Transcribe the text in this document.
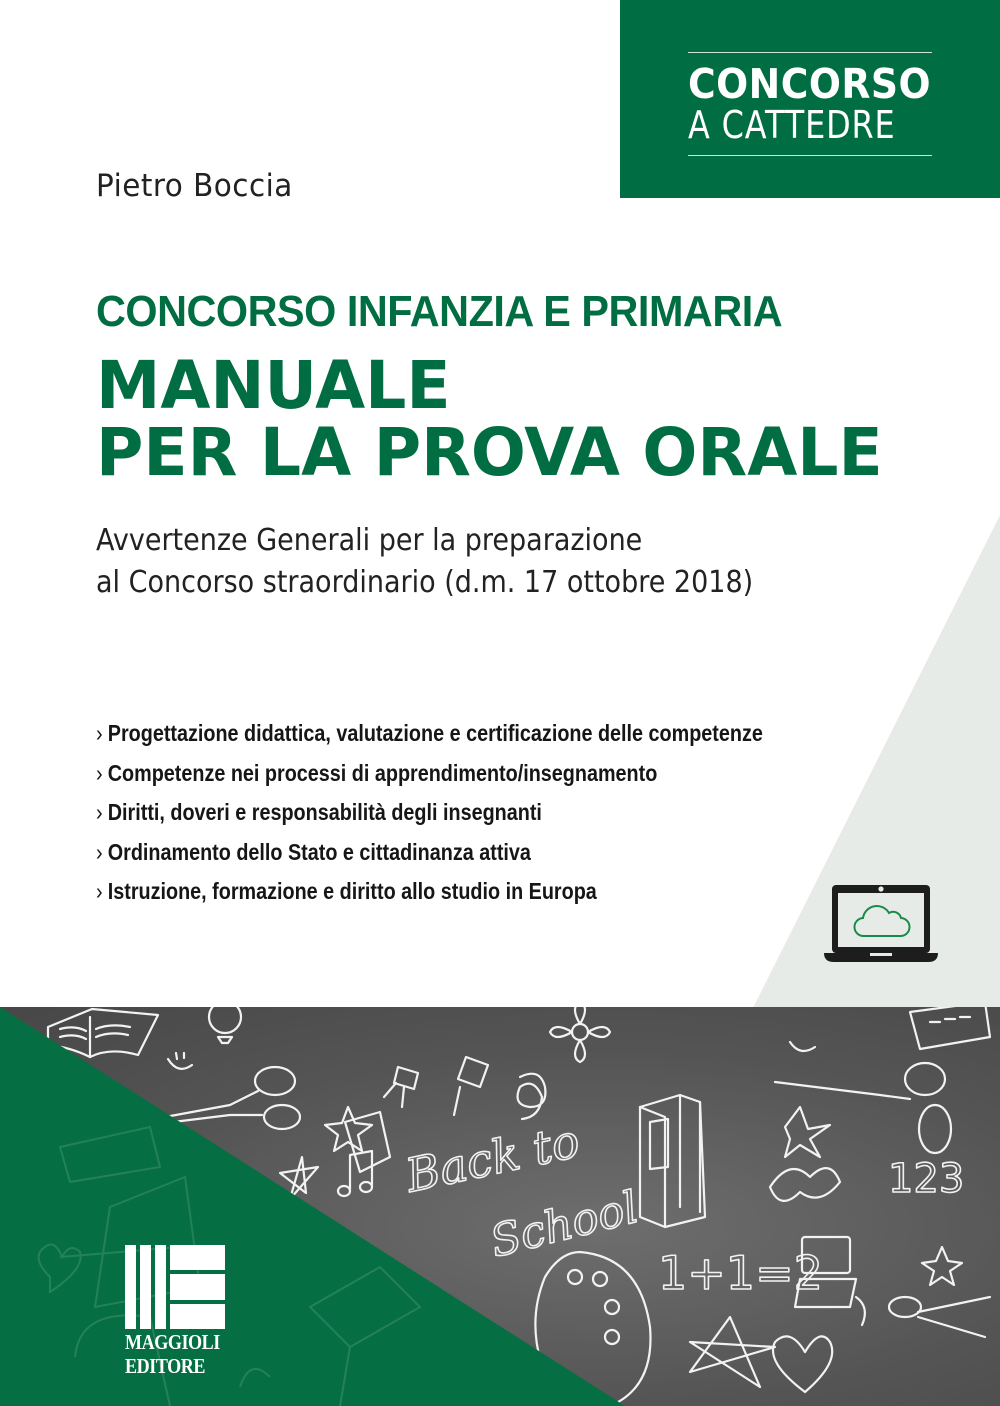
CONCORSO
A CATTEDRE
Pietro Boccia
CONCORSO INFANZIA E PRIMARIA
MANUALE
PER LA PROVA ORALE
Avvertenze Generali per la preparazione
al Concorso straordinario (d.m. 17 ottobre 2018)
› Progettazione didattica, valutazione e certificazione delle competenze
› Competenze nei processi di apprendimento/insegnamento
› Diritti, doveri e responsabilità degli insegnanti
› Ordinamento dello Stato e cittadinanza attiva
› Istruzione, formazione e diritto allo studio in Europa
Back to
School
123
1+1=2
MAGGIOLI
EDITORE
